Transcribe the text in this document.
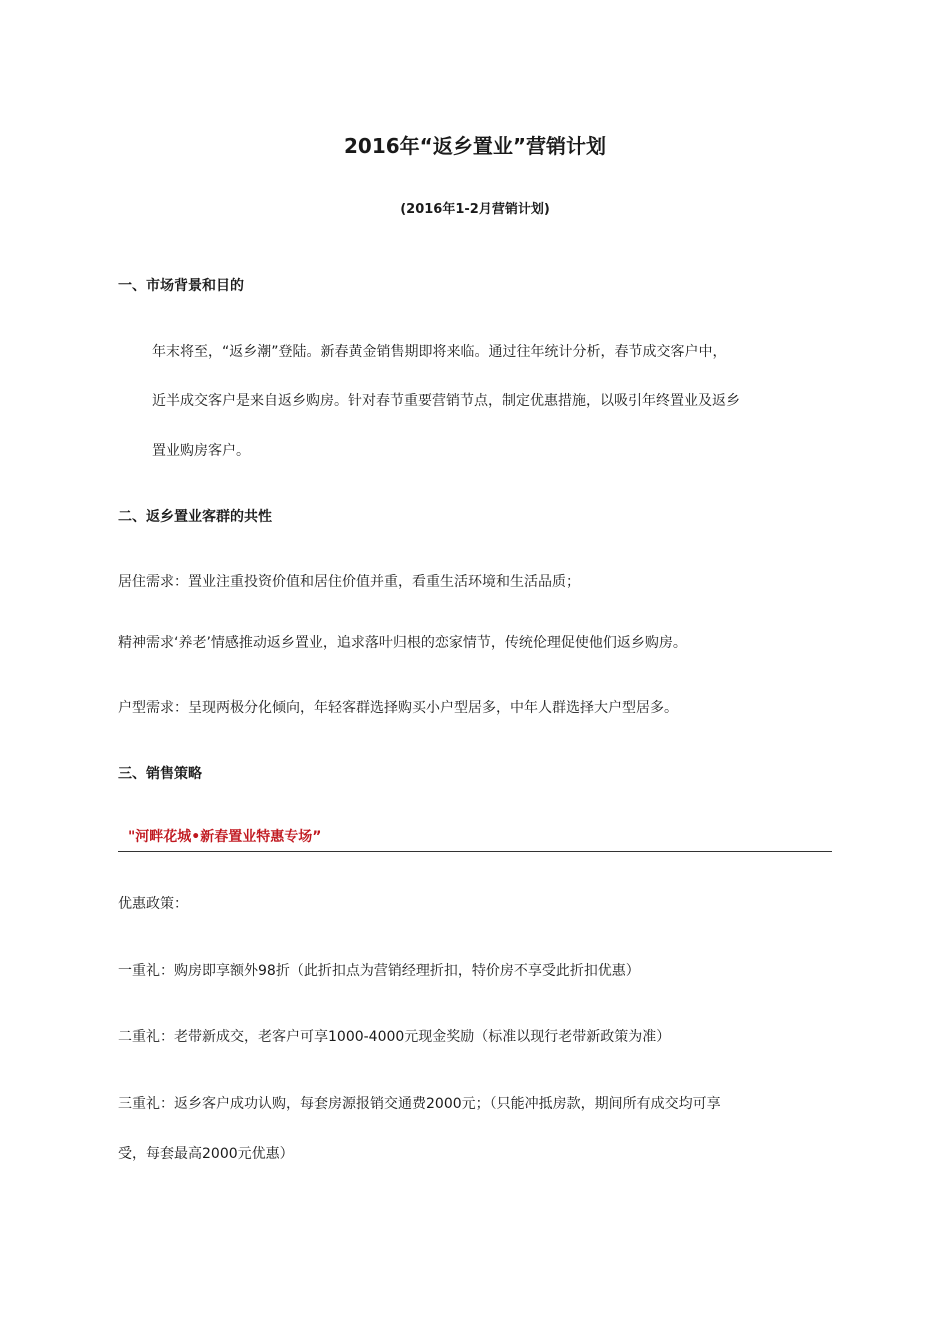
2016年“返乡置业”营销计划
(2016年1-2月营销计划)
一、市场背景和目的
年末将至，“返乡潮”登陆。新春黄金销售期即将来临。通过往年统计分析，春节成交客户中，
近半成交客户是来自返乡购房。针对春节重要营销节点，制定优惠措施，以吸引年终置业及返乡
置业购房客户。
二、返乡置业客群的共性
居住需求：置业注重投资价值和居住价值并重，看重生活环境和生活品质；
精神需求‘养老’情感推动返乡置业，追求落叶归根的恋家情节，传统伦理促使他们返乡购房。
户型需求：呈现两极分化倾向，年轻客群选择购买小户型居多，中年人群选择大户型居多。
三、销售策略
"河畔花城•新春置业特惠专场”
优惠政策：
一重礼：购房即享额外98折（此折扣点为营销经理折扣，特价房不享受此折扣优惠）
二重礼：老带新成交，老客户可享1000-4000元现金奖励（标准以现行老带新政策为准）
三重礼：返乡客户成功认购，每套房源报销交通费2000元；（只能冲抵房款，期间所有成交均可享
受，每套最高2000元优惠）
